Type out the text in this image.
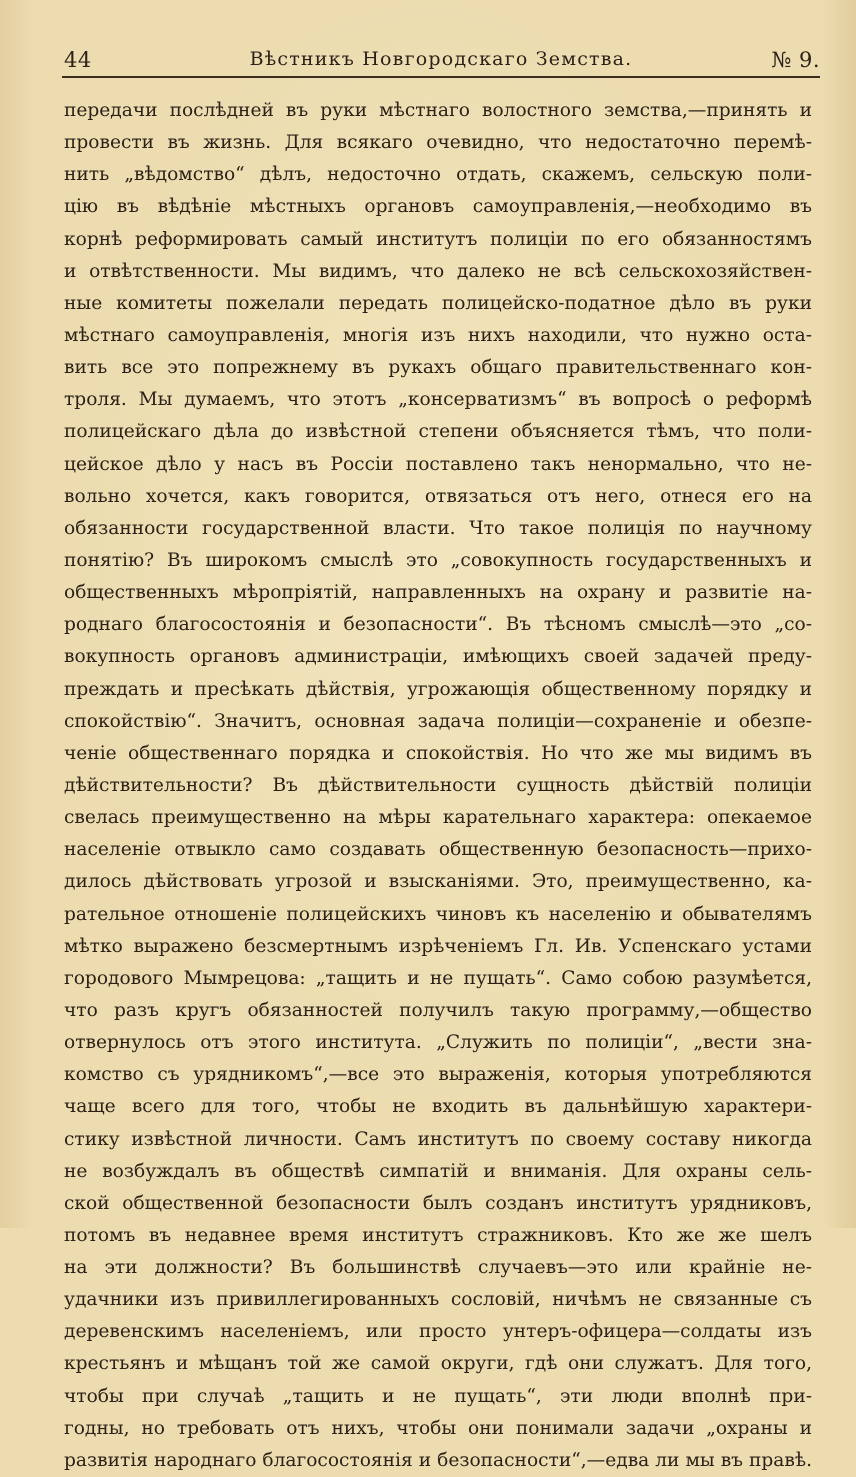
44	Вѣстникъ Новгородскаго Земства.	№ 9.
передачи послѣдней въ руки мѣстнаго волостного земства,—принять и
провести въ жизнь. Для всякаго очевидно, что недостаточно перемѣ-
нить „вѣдомство“ дѣлъ, недосточно отдать, скажемъ, сельскую поли-
цію въ вѣдѣніе мѣстныхъ органовъ самоуправленія,—необходимо въ
корнѣ реформировать самый институтъ полиціи по его обязанностямъ
и отвѣтственности. Мы видимъ, что далеко не всѣ сельскохозяйствен-
ные комитеты пожелали передать полицейско-податное дѣло въ руки
мѣстнаго самоуправленія, многія изъ нихъ находили, что нужно оста-
вить все это попрежнему въ рукахъ общаго правительственнаго кон-
троля. Мы думаемъ, что этотъ „консерватизмъ“ въ вопросѣ о реформѣ
полицейскаго дѣла до извѣстной степени объясняется тѣмъ, что поли-
цейское дѣло у насъ въ Россіи поставлено такъ ненормально, что не-
вольно хочется, какъ говорится, отвязаться отъ него, отнеся его на
обязанности государственной власти. Что такое полиція по научному
понятію? Въ широкомъ смыслѣ это „совокупность государственныхъ и
общественныхъ мѣропріятій, направленныхъ на охрану и развитіе на-
роднаго благосостоянія и безопасности“. Въ тѣсномъ смыслѣ—это „со-
вокупность органовъ администраціи, имѣющихъ своей задачей преду-
преждать и пресѣкать дѣйствія, угрожающія общественному порядку и
спокойствію“. Значитъ, основная задача полиціи—сохраненіе и обезпе-
ченіе общественнаго порядка и спокойствія. Но что же мы видимъ въ
дѣйствительности? Въ дѣйствительности сущность дѣйствій полиціи
свелась преимущественно на мѣры карательнаго характера: опекаемое
населеніе отвыкло само создавать общественную безопасность—прихо-
дилось дѣйствовать угрозой и взысканіями. Это, преимущественно, ка-
рательное отношеніе полицейскихъ чиновъ къ населенію и обывателямъ
мѣтко выражено безсмертнымъ изрѣченіемъ Гл. Ив. Успенскаго устами
городового Мымрецова: „тащить и не пущать“. Само собою разумѣется,
что разъ кругъ обязанностей получилъ такую программу,—общество
отвернулось отъ этого института. „Служить по полиціи“, „вести зна-
комство съ урядникомъ“,—все это выраженія, которыя употребляются
чаще всего для того, чтобы не входить въ дальнѣйшую характери-
стику извѣстной личности. Самъ институтъ по своему составу никогда
не возбуждалъ въ обществѣ симпатій и вниманія. Для охраны сель-
ской общественной безопасности былъ созданъ институтъ урядниковъ,
потомъ въ недавнее время институтъ стражниковъ. Кто же же шелъ
на эти должности? Въ большинствѣ случаевъ—это или крайніе не-
удачники изъ привиллегированныхъ сословій, ничѣмъ не связанные съ
деревенскимъ населеніемъ, или просто унтеръ-офицера—солдаты изъ
крестьянъ и мѣщанъ той же самой округи, гдѣ они служатъ. Для того,
чтобы при случаѣ „тащить и не пущать“, эти люди вполнѣ при-
годны, но требовать отъ нихъ, чтобы они понимали задачи „охраны и
развитія народнаго благосостоянія и безопасности“,—едва ли мы въ правѣ.
